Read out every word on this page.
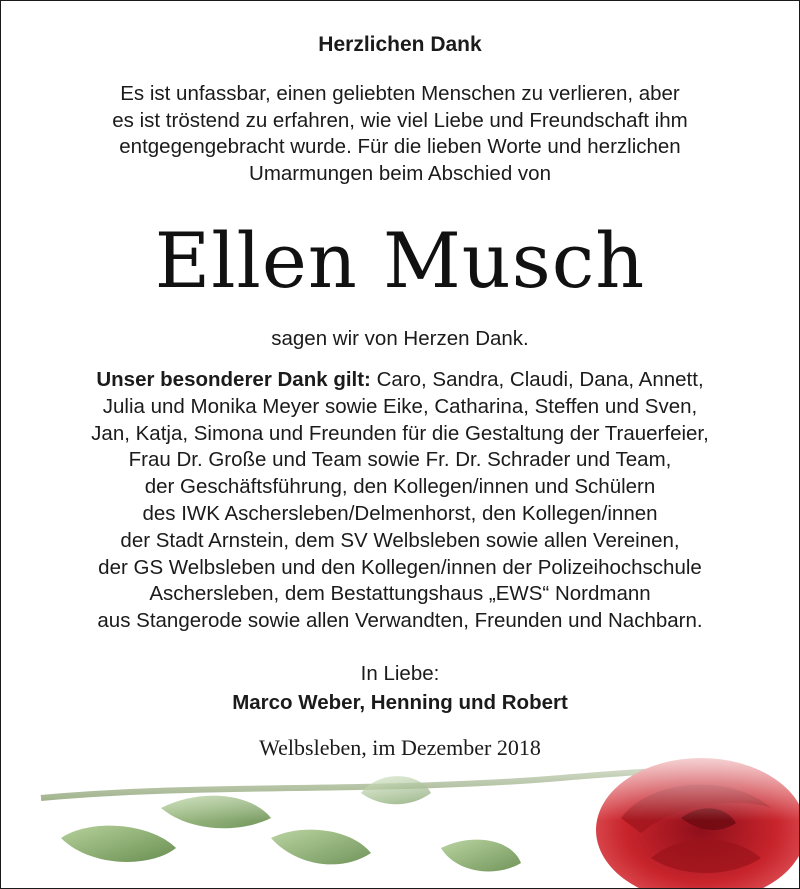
Herzlichen Dank
Es ist unfassbar, einen geliebten Menschen zu verlieren, aber
es ist tröstend zu erfahren, wie viel Liebe und Freundschaft ihm
entgegengebracht wurde. Für die lieben Worte und herzlichen
Umarmungen beim Abschied von
Ellen Musch
sagen wir von Herzen Dank.
Unser besonderer Dank gilt: Caro, Sandra, Claudi, Dana, Annett,
Julia und Monika Meyer sowie Eike, Catharina, Steffen und Sven,
Jan, Katja, Simona und Freunden für die Gestaltung der Trauerfeier,
Frau Dr. Große und Team sowie Fr. Dr. Schrader und Team,
der Geschäftsführung, den Kollegen/innen und Schülern
des IWK Aschersleben/Delmenhorst, den Kollegen/innen
der Stadt Arnstein, dem SV Welbsleben sowie allen Vereinen,
der GS Welbsleben und den Kollegen/innen der Polizeihochschule
Aschersleben, dem Bestattungshaus „EWS“ Nordmann
aus Stangerode sowie allen Verwandten, Freunden und Nachbarn.
In Liebe:
Marco Weber, Henning und Robert
Welbsleben, im Dezember 2018
